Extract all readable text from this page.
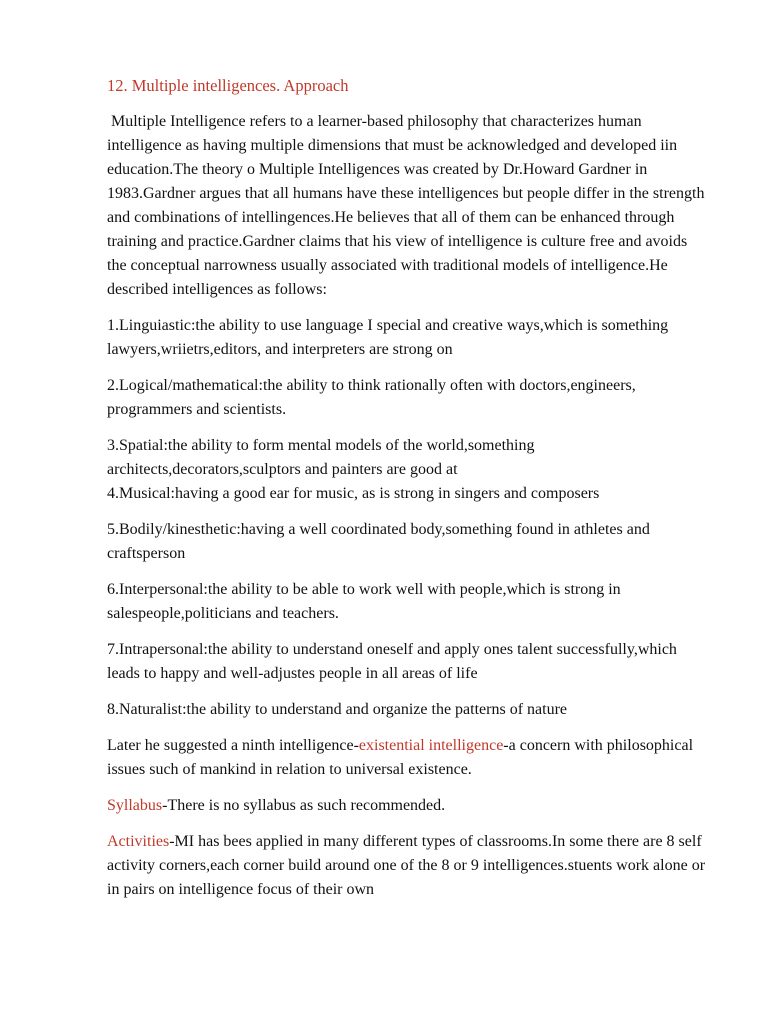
12. Multiple intelligences. Approach

Multiple Intelligence refers to a learner-based philosophy that characterizes human intelligence as having multiple dimensions that must be acknowledged and developed iin education.The theory o Multiple Intelligences was created by Dr.Howard Gardner in 1983.Gardner argues that all humans have these intelligences but people differ in the strength and combinations of intellingences.He believes that all of them can be enhanced through training and practice.Gardner claims that his view of intelligence is culture free and avoids the conceptual narrowness usually associated with traditional models of intelligence.He described intelligences as follows:

1.Linguiastic:the ability to use language I special and creative ways,which is something lawyers,wriietrs,editors, and interpreters are strong on

2.Logical/mathematical:the ability to think rationally often with doctors,engineers, programmers and scientists.

3.Spatial:the ability to form mental models of the world,something architects,decorators,sculptors and painters are good at

4.Musical:having a good ear for music, as is strong in singers and composers

5.Bodily/kinesthetic:having a well coordinated body,something found in athletes and craftsperson

6.Interpersonal:the ability to be able to work well with people,which is strong in salespeople,politicians and teachers.

7.Intrapersonal:the ability to understand oneself and apply ones talent successfully,which leads to happy and well-adjustes people in all areas of life

8.Naturalist:the ability to understand and organize the patterns of nature

Later he suggested a ninth intelligence-existential intelligence-a concern with philosophical issues such of mankind in relation to universal existence.

Syllabus-There is no syllabus as such recommended.

Activities-MI has bees applied in many different types of classrooms.In some there are 8 self activity corners,each corner build around one of the 8 or 9 intelligences.stuents work alone or in pairs on intelligence focus of their own
